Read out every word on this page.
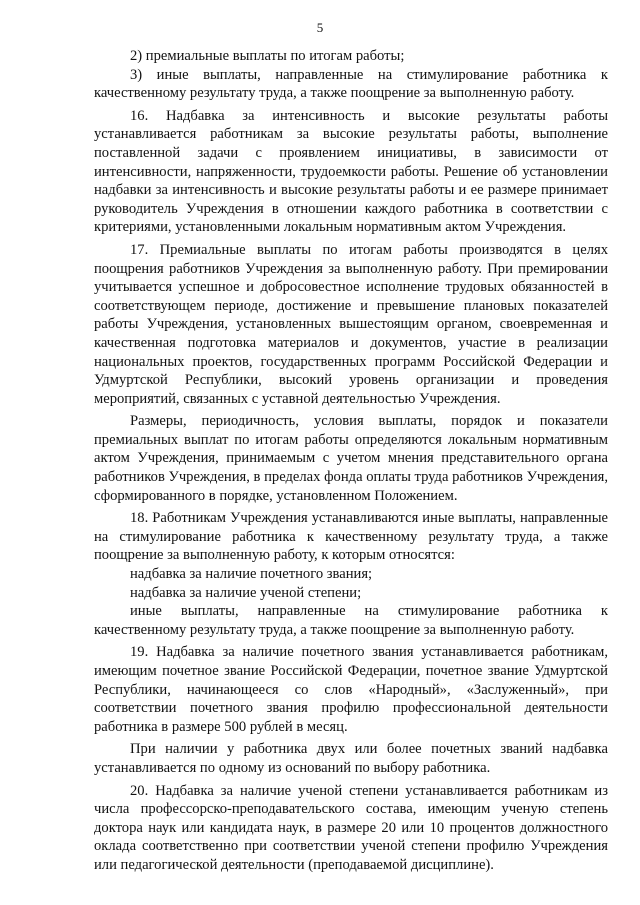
5

2) премиальные выплаты по итогам работы;

3) иные выплаты, направленные на стимулирование работника к качественному результату труда, а также поощрение за выполненную работу.

16. Надбавка за интенсивность и высокие результаты работы устанавливается работникам за высокие результаты работы, выполнение поставленной задачи с проявлением инициативы, в зависимости от интенсивности, напряженности, трудоемкости работы. Решение об установлении надбавки за интенсивность и высокие результаты работы и ее размере принимает руководитель Учреждения в отношении каждого работника в соответствии с критериями, установленными локальным нормативным актом Учреждения.

17. Премиальные выплаты по итогам работы производятся в целях поощрения работников Учреждения за выполненную работу. При премировании учитывается успешное и добросовестное исполнение трудовых обязанностей в соответствующем периоде, достижение и превышение плановых показателей работы Учреждения, установленных вышестоящим органом, своевременная и качественная подготовка материалов и документов, участие в реализации национальных проектов, государственных программ Российской Федерации и Удмуртской Республики, высокий уровень организации и проведения мероприятий, связанных с уставной деятельностью Учреждения.

Размеры, периодичность, условия выплаты, порядок и показатели премиальных выплат по итогам работы определяются локальным нормативным актом Учреждения, принимаемым с учетом мнения представительного органа работников Учреждения, в пределах фонда оплаты труда работников Учреждения, сформированного в порядке, установленном Положением.

18. Работникам Учреждения устанавливаются иные выплаты, направленные на стимулирование работника к качественному результату труда, а также поощрение за выполненную работу, к которым относятся:

надбавка за наличие почетного звания;

надбавка за наличие ученой степени;

иные выплаты, направленные на стимулирование работника к качественному результату труда, а также поощрение за выполненную работу.

19. Надбавка за наличие почетного звания устанавливается работникам, имеющим почетное звание Российской Федерации, почетное звание Удмуртской Республики, начинающееся со слов «Народный», «Заслуженный», при соответствии почетного звания профилю профессиональной деятельности работника в размере 500 рублей в месяц.

При наличии у работника двух или более почетных званий надбавка устанавливается по одному из оснований по выбору работника.

20. Надбавка за наличие ученой степени устанавливается работникам из числа профессорско-преподавательского состава, имеющим ученую степень доктора наук или кандидата наук, в размере 20 или 10 процентов должностного оклада соответственно при соответствии ученой степени профилю Учреждения или педагогической деятельности (преподаваемой дисциплине).
